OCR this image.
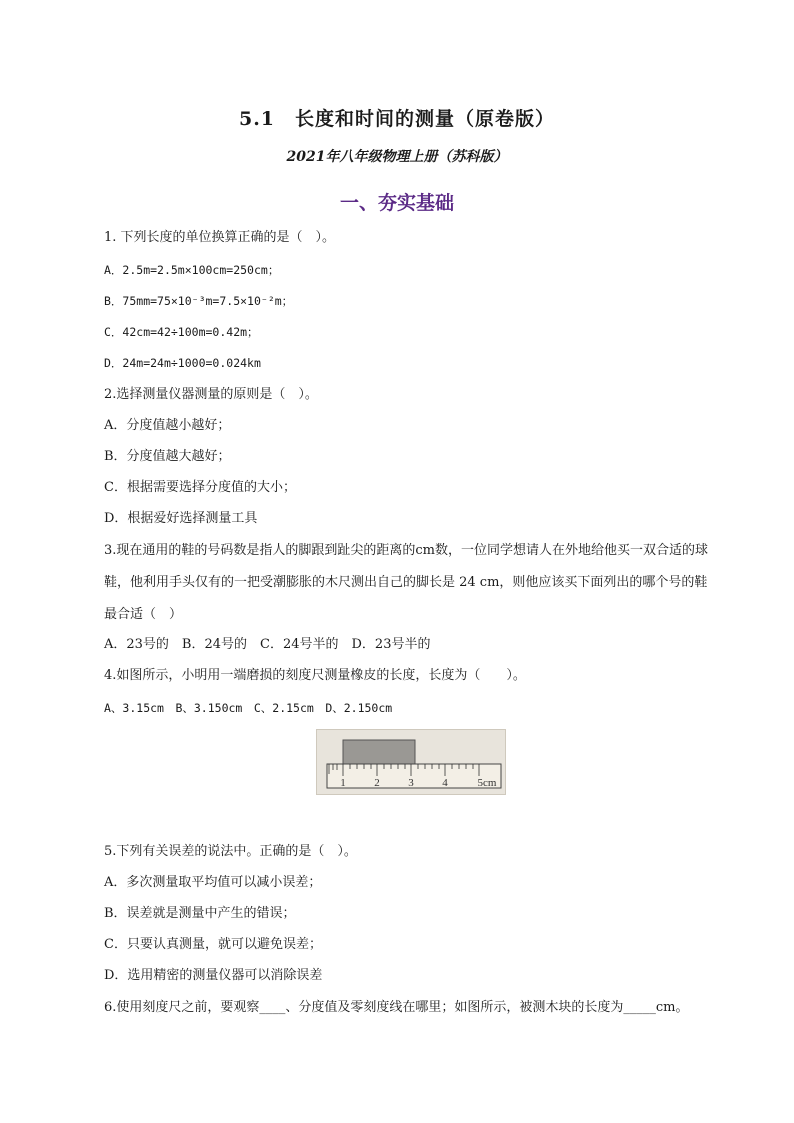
5.1　长度和时间的测量（原卷版）
2021年八年级物理上册（苏科版）
一、夯实基础
1. 下列长度的单位换算正确的是（　）。
A．2.5m=2.5m×100cm=250cm；
B．75mm=75×10⁻³m=7.5×10⁻²m；
C．42cm=42÷100m=0.42m；
D．24m=24m÷1000=0.024km
2.选择测量仪器测量的原则是（　）。
A．分度值越小越好；
B．分度值越大越好；
C．根据需要选择分度值的大小；
D．根据爱好选择测量工具
3.现在通用的鞋的号码数是指人的脚跟到趾尖的距离的cm数，一位同学想请人在外地给他买一双合适的球鞋，他利用手头仅有的一把受潮膨胀的木尺测出自己的脚长是 24 cm，则他应该买下面列出的哪个号的鞋最合适（　）
A．23号的　B．24号的　C．24号半的　D．23号半的
4.如图所示，小明用一端磨损的刻度尺测量橡皮的长度，长度为（　　）。
A、3.15cm　B、3.150cm　C、2.15cm　D、2.150cm
1	2	3	4	5cm
5.下列有关误差的说法中。正确的是（　）。
A．多次测量取平均值可以减小误差；
B．误差就是测量中产生的错误；
C．只要认真测量，就可以避免误差；
D．选用精密的测量仪器可以消除误差
6.使用刻度尺之前，要观察____、分度值及零刻度线在哪里；如图所示，被测木块的长度为_____cm。
